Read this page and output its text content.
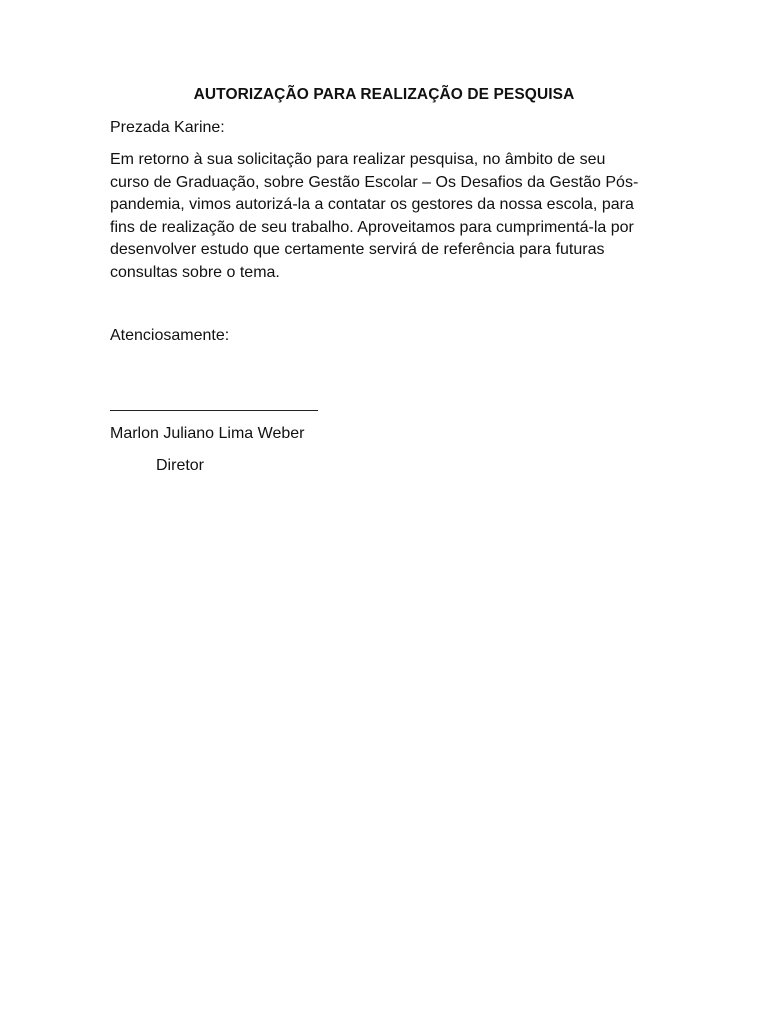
AUTORIZAÇÃO PARA REALIZAÇÃO DE PESQUISA
Prezada Karine:
Em retorno à sua solicitação para realizar pesquisa, no âmbito de seu
curso de Graduação, sobre Gestão Escolar – Os Desafios da Gestão Pós-
pandemia, vimos autorizá-la a contatar os gestores da nossa escola, para
fins de realização de seu trabalho. Aproveitamos para cumprimentá-la por
desenvolver estudo que certamente servirá de referência para futuras
consultas sobre o tema.
Atenciosamente:
Marlon Juliano Lima Weber
Diretor
